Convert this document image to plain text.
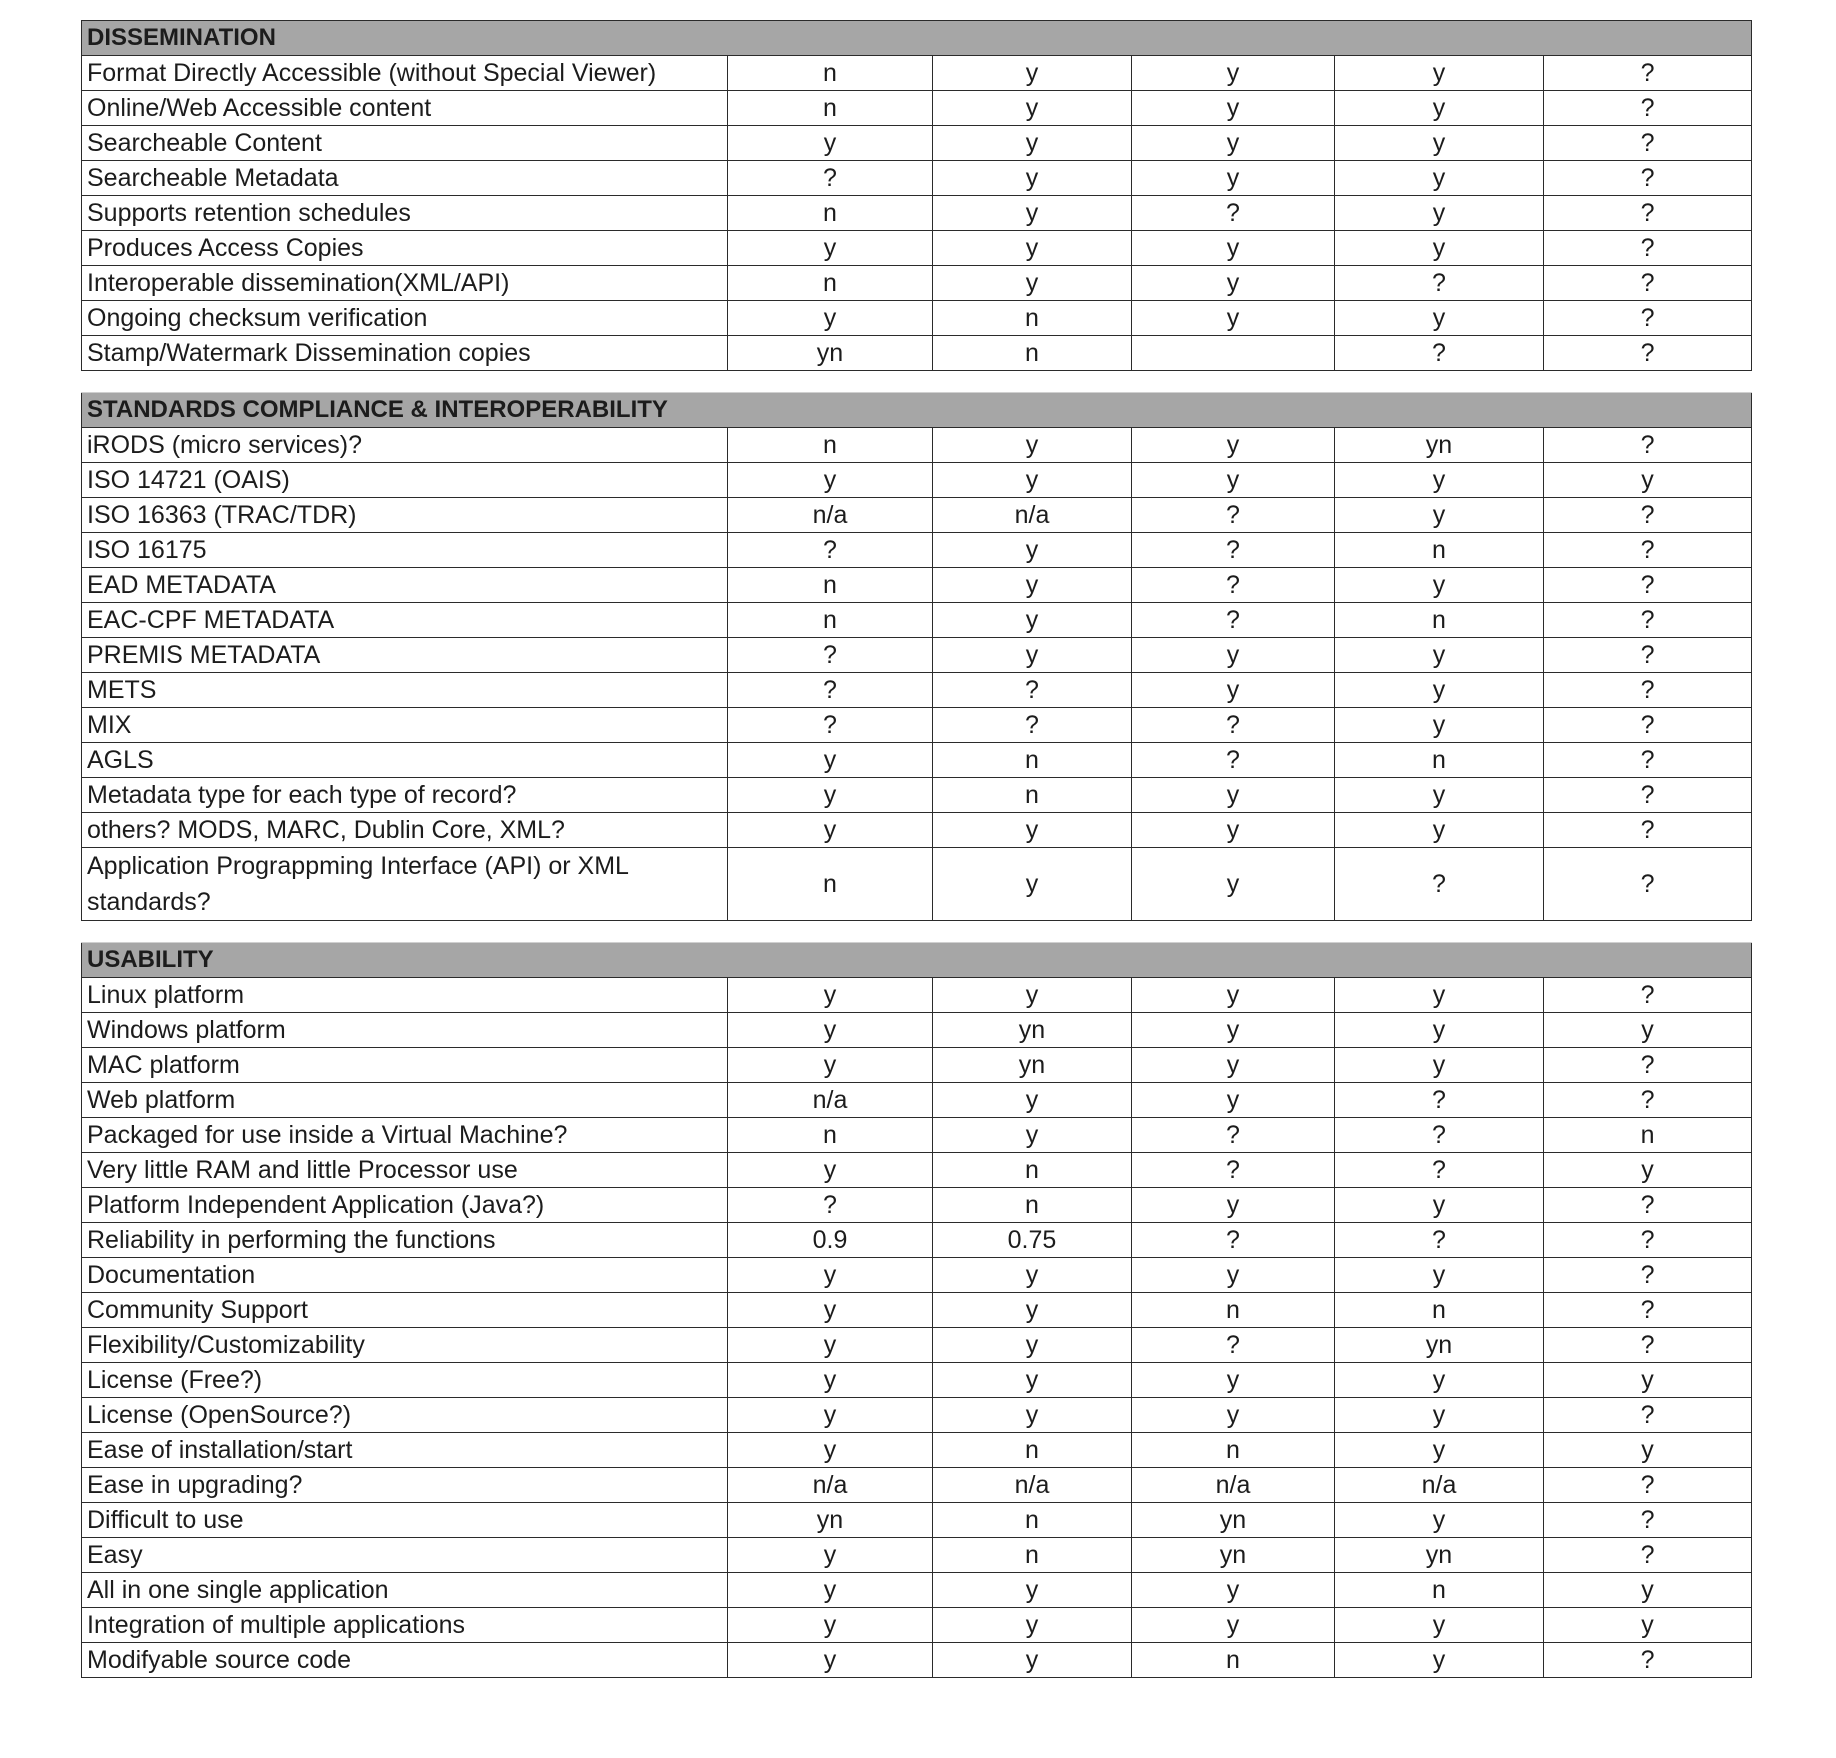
DISSEMINATION					
Format Directly Accessible (without Special Viewer)	n	y	y	y	?
Online/Web Accessible content	n	y	y	y	?
Searcheable Content	y	y	y	y	?
Searcheable Metadata	?	y	y	y	?
Supports retention schedules	n	y	?	y	?
Produces Access Copies	y	y	y	y	?
Interoperable dissemination(XML/API)	n	y	y	?	?
Ongoing checksum verification	y	n	y	y	?
Stamp/Watermark Dissemination copies	yn	n		?	?

STANDARDS COMPLIANCE & INTEROPERABILITY					
iRODS (micro services)?	n	y	y	yn	?
ISO 14721 (OAIS)	y	y	y	y	y
ISO 16363 (TRAC/TDR)	n/a	n/a	?	y	?
ISO 16175	?	y	?	n	?
EAD METADATA	n	y	?	y	?
EAC-CPF METADATA	n	y	?	n	?
PREMIS METADATA	?	y	y	y	?
METS	?	?	y	y	?
MIX	?	?	?	y	?
AGLS	y	n	?	n	?
Metadata type for each type of record?	y	n	y	y	?
others? MODS, MARC, Dublin Core, XML?	y	y	y	y	?
Application Prograppming Interface (API) or XML standards?	n	y	y	?	?

USABILITY					
Linux platform	y	y	y	y	?
Windows platform	y	yn	y	y	y
MAC platform	y	yn	y	y	?
Web platform	n/a	y	y	?	?
Packaged for use inside a Virtual Machine?	n	y	?	?	n
Very little RAM and little Processor use	y	n	?	?	y
Platform Independent Application (Java?)	?	n	y	y	?
Reliability in performing the functions	0.9	0.75	?	?	?
Documentation	y	y	y	y	?
Community Support	y	y	n	n	?
Flexibility/Customizability	y	y	?	yn	?
License (Free?)	y	y	y	y	y
License (OpenSource?)	y	y	y	y	?
Ease of installation/start	y	n	n	y	y
Ease in upgrading?	n/a	n/a	n/a	n/a	?
Difficult to use	yn	n	yn	y	?
Easy	y	n	yn	yn	?
All in one single application	y	y	y	n	y
Integration of multiple applications	y	y	y	y	y
Modifyable source code	y	y	n	y	?
